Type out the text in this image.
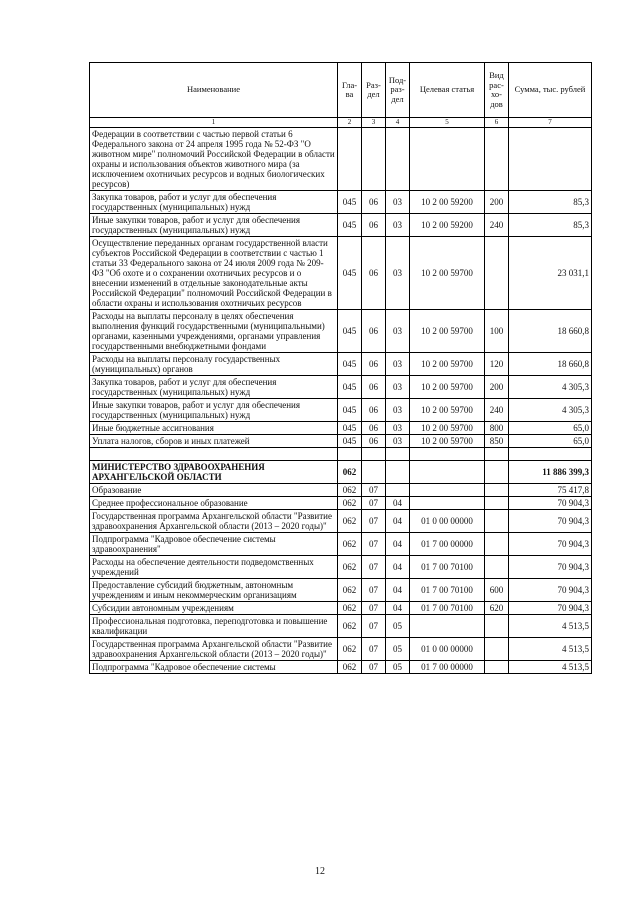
Наименование	Гла-ва	Раз-дел	Под-раз-дел	Целевая статья	Вид рас-хо-дов	Сумма, тыс. рублей
1	2	3	4	5	6	7
Федерации в соответствии с частью первой статьи 6 Федерального закона от 24 апреля 1995 года № 52-ФЗ "О животном мире" полномочий Российской Федерации в области охраны и использования объектов животного мира (за исключением охотничьих ресурсов и водных биологических ресурсов)						
Закупка товаров, работ и услуг для обеспечения государственных (муниципальных) нужд	045	06	03	10 2 00 59200	200	85,3
Иные закупки товаров, работ и услуг для обеспечения государственных (муниципальных) нужд	045	06	03	10 2 00 59200	240	85,3
Осуществление переданных органам государственной власти субъектов Российской Федерации в соответствии с частью 1 статьи 33 Федерального закона от 24 июля 2009 года № 209-ФЗ "Об охоте и о сохранении охотничьих ресурсов и о внесении изменений в отдельные законодательные акты Российской Федерации" полномочий Российской Федерации в области охраны и использования охотничьих ресурсов	045	06	03	10 2 00 59700		23 031,1
Расходы на выплаты персоналу в целях обеспечения выполнения функций государственными (муниципальными) органами, казенными учреждениями, органами управления государственными внебюджетными фондами	045	06	03	10 2 00 59700	100	18 660,8
Расходы на выплаты персоналу государственных (муниципальных) органов	045	06	03	10 2 00 59700	120	18 660,8
Закупка товаров, работ и услуг для обеспечения государственных (муниципальных) нужд	045	06	03	10 2 00 59700	200	4 305,3
Иные закупки товаров, работ и услуг для обеспечения государственных (муниципальных) нужд	045	06	03	10 2 00 59700	240	4 305,3
Иные бюджетные ассигнования	045	06	03	10 2 00 59700	800	65,0
Уплата налогов, сборов и иных платежей	045	06	03	10 2 00 59700	850	65,0

МИНИСТЕРСТВО ЗДРАВООХРАНЕНИЯ АРХАНГЕЛЬСКОЙ ОБЛАСТИ	062					11 886 399,3
Образование	062	07				75 417,8
Среднее профессиональное образование	062	07	04			70 904,3
Государственная программа Архангельской области "Развитие здравоохранения Архангельской области (2013 – 2020 годы)"	062	07	04	01 0 00 00000		70 904,3
Подпрограмма "Кадровое обеспечение системы здравоохранения"	062	07	04	01 7 00 00000		70 904,3
Расходы на обеспечение деятельности подведомственных учреждений	062	07	04	01 7 00 70100		70 904,3
Предоставление субсидий бюджетным, автономным учреждениям и иным некоммерческим организациям	062	07	04	01 7 00 70100	600	70 904,3
Субсидии автономным учреждениям	062	07	04	01 7 00 70100	620	70 904,3
Профессиональная подготовка, переподготовка и повышение квалификации	062	07	05			4 513,5
Государственная программа Архангельской области "Развитие здравоохранения Архангельской области (2013 – 2020 годы)"	062	07	05	01 0 00 00000		4 513,5
Подпрограмма "Кадровое обеспечение системы	062	07	05	01 7 00 00000		4 513,5
12
